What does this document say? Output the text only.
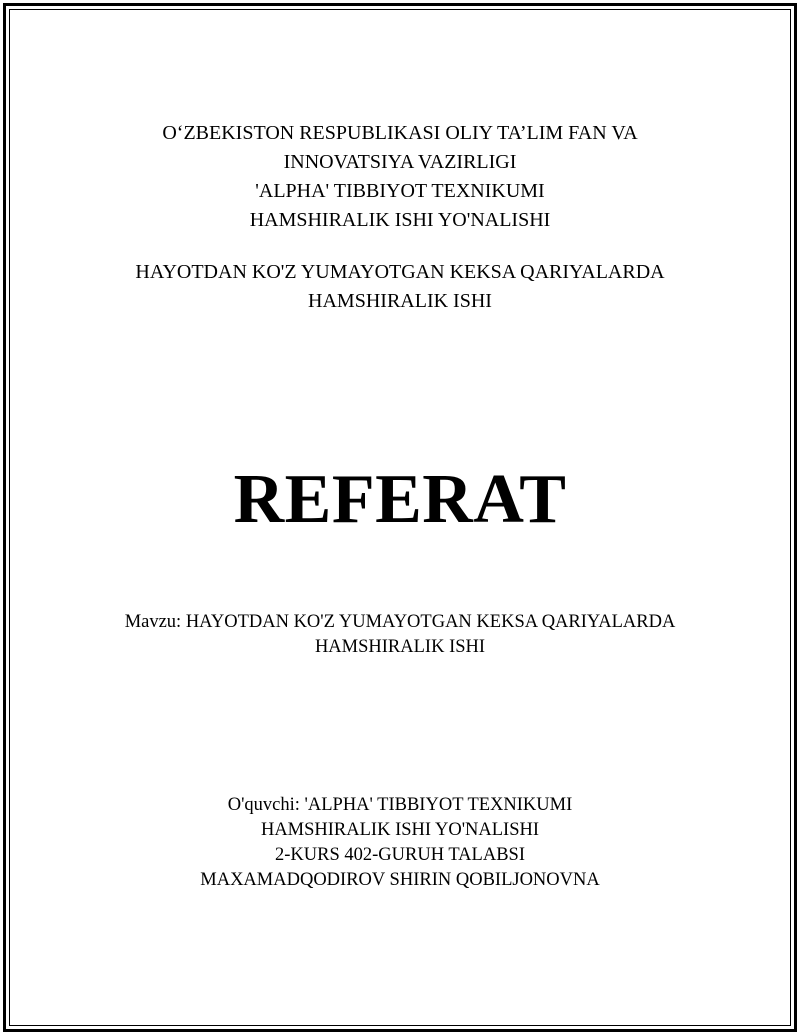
O‘ZBEKISTON RESPUBLIKASI OLIY TA’LIM FAN VA
INNOVATSIYA VAZIRLIGI
'ALPHA' TIBBIYOT TEXNIKUMI
HAMSHIRALIK ISHI YO'NALISHI
HAYOTDAN KO'Z YUMAYOTGAN KEKSA QARIYALARDA
HAMSHIRALIK ISHI
REFERAT
Mavzu: HAYOTDAN KO'Z YUMAYOTGAN KEKSA QARIYALARDA
HAMSHIRALIK ISHI
O'quvchi: 'ALPHA' TIBBIYOT TEXNIKUMI
HAMSHIRALIK ISHI YO'NALISHI
2-KURS 402-GURUH TALABSI
MAXAMADQODIROV SHIRIN QOBILJONOVNA
